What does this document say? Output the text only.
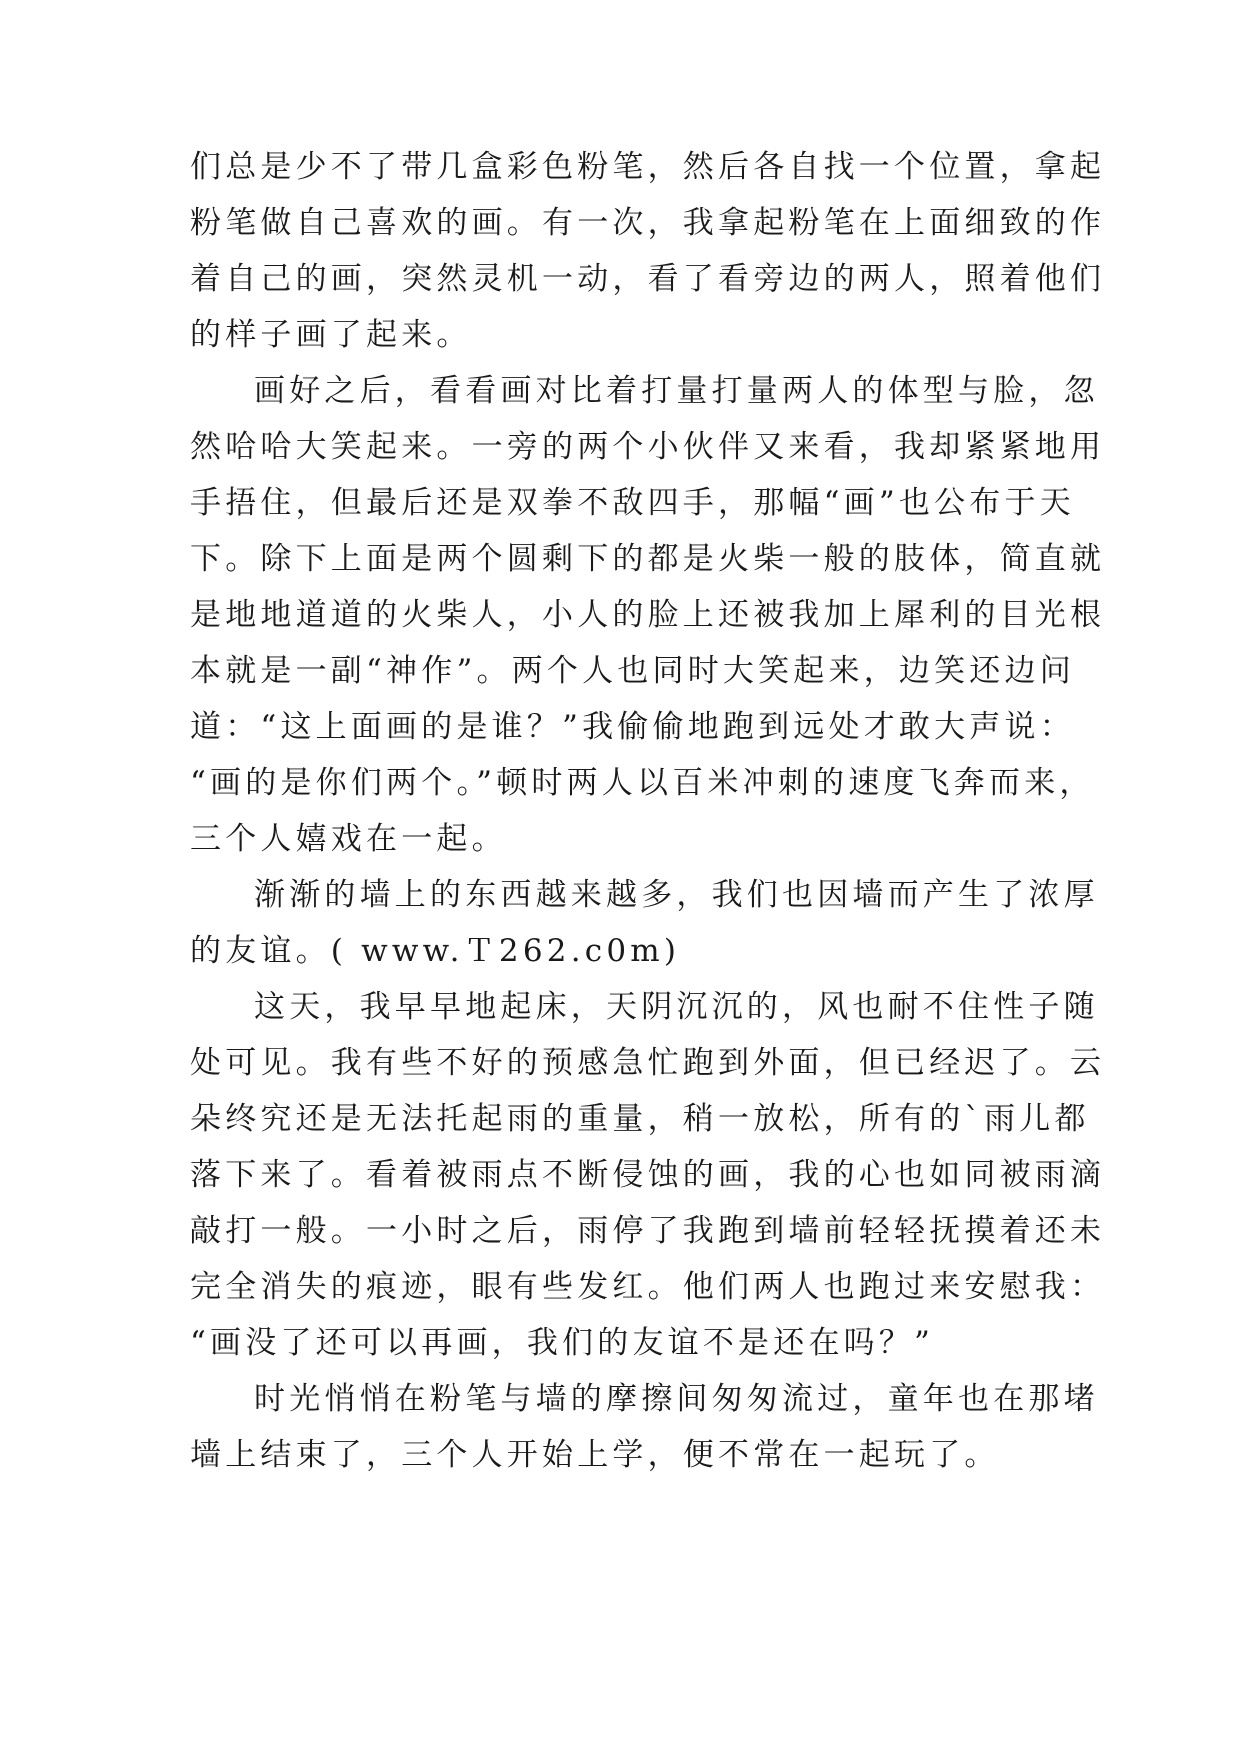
们总是少不了带几盒彩色粉笔，然后各自找一个位置，拿起
粉笔做自己喜欢的画。有一次，我拿起粉笔在上面细致的作
着自己的画，突然灵机一动，看了看旁边的两人，照着他们
的样子画了起来。
画好之后，看看画对比着打量打量两人的体型与脸，忽
然哈哈大笑起来。一旁的两个小伙伴又来看，我却紧紧地用
手捂住，但最后还是双拳不敌四手，那幅“画”也公布于天
下。除下上面是两个圆剩下的都是火柴一般的肢体，简直就
是地地道道的火柴人，小人的脸上还被我加上犀利的目光根
本就是一副“神作”。两个人也同时大笑起来，边笑还边问
道：“这上面画的是谁？”我偷偷地跑到远处才敢大声说：
“画的是你们两个。”顿时两人以百米冲刺的速度飞奔而来，
三个人嬉戏在一起。
渐渐的墙上的东西越来越多，我们也因墙而产生了浓厚
的友谊。( www.Ｔ262.c0m)
这天，我早早地起床，天阴沉沉的，风也耐不住性子随
处可见。我有些不好的预感急忙跑到外面，但已经迟了。云
朵终究还是无法托起雨的重量，稍一放松，所有的`雨儿都
落下来了。看着被雨点不断侵蚀的画，我的心也如同被雨滴
敲打一般。一小时之后，雨停了我跑到墙前轻轻抚摸着还未
完全消失的痕迹，眼有些发红。他们两人也跑过来安慰我：
“画没了还可以再画，我们的友谊不是还在吗？”
时光悄悄在粉笔与墙的摩擦间匆匆流过，童年也在那堵
墙上结束了，三个人开始上学，便不常在一起玩了。
